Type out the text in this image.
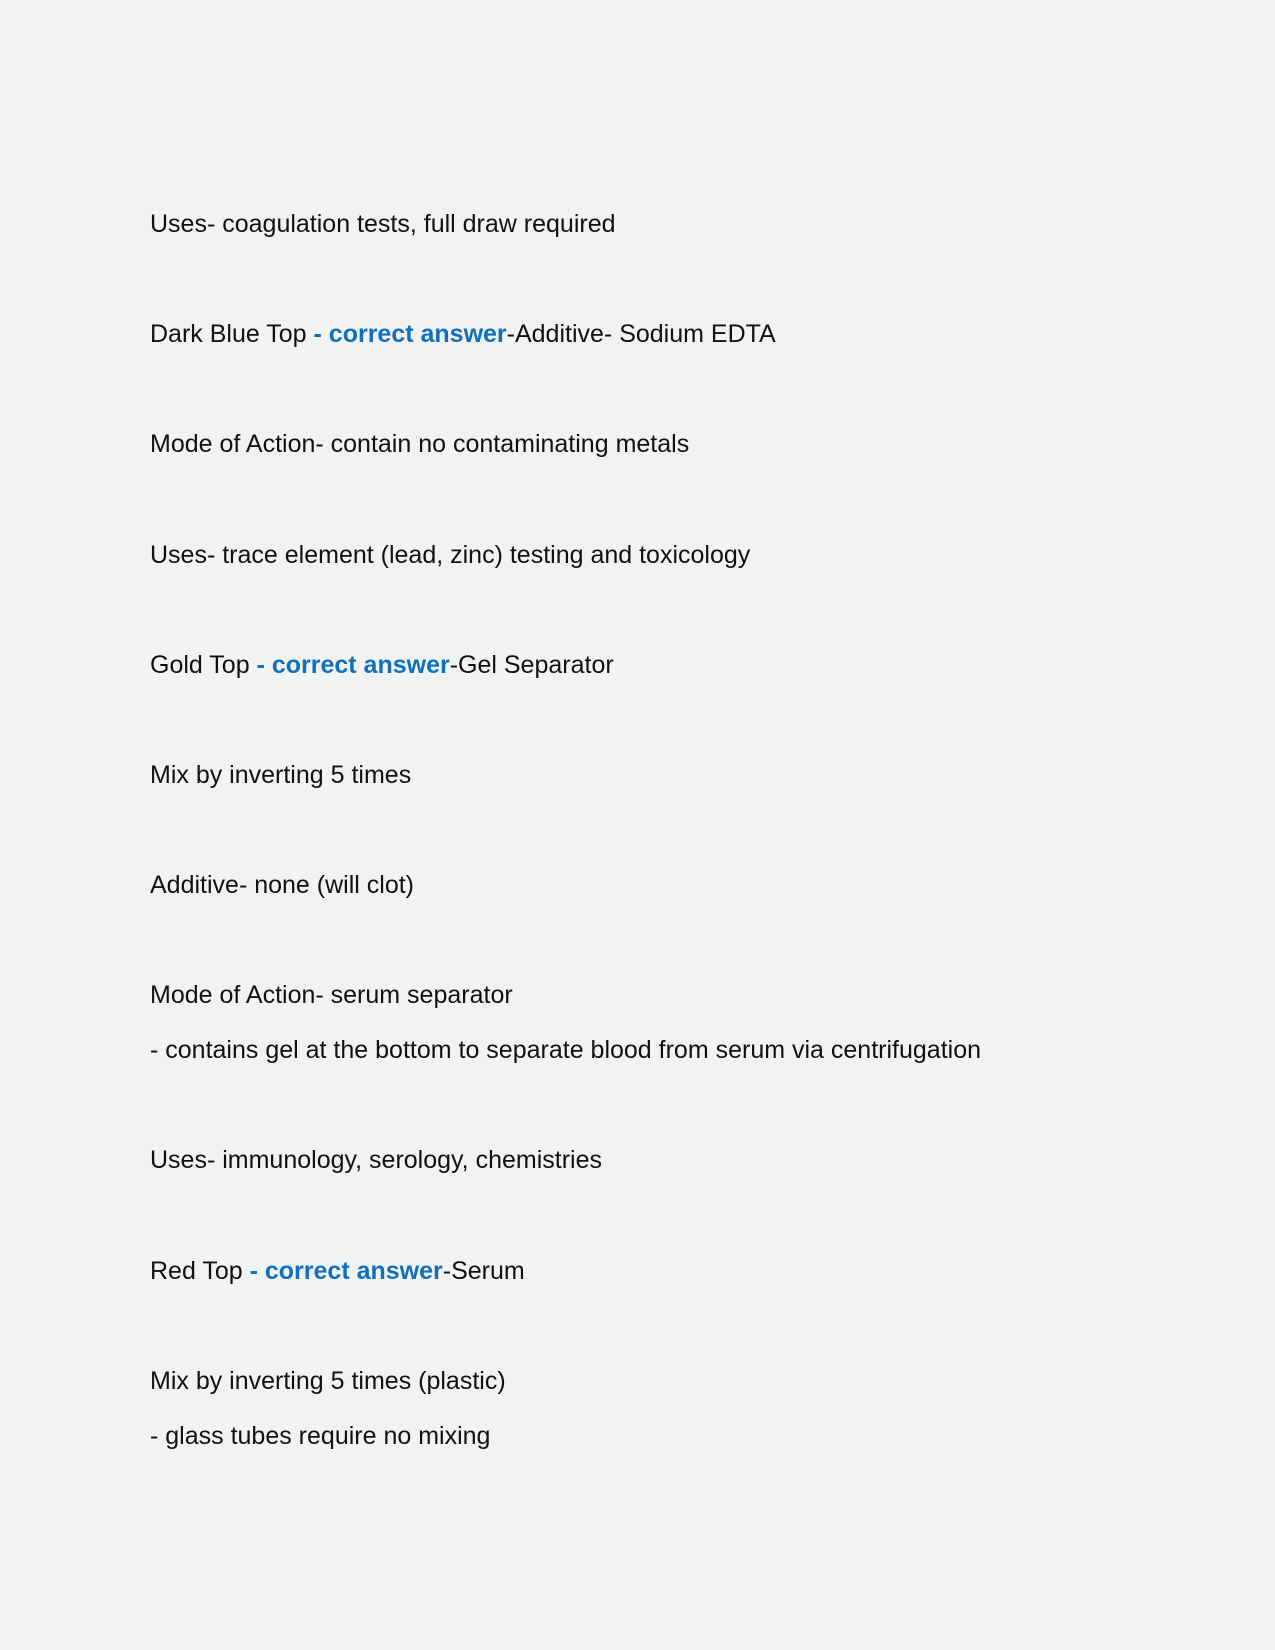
Uses- coagulation tests, full draw required
Dark Blue Top - correct answer-Additive- Sodium EDTA
Mode of Action- contain no contaminating metals
Uses- trace element (lead, zinc) testing and toxicology
Gold Top - correct answer-Gel Separator
Mix by inverting 5 times
Additive- none (will clot)
Mode of Action- serum separator
- contains gel at the bottom to separate blood from serum via centrifugation
Uses- immunology, serology, chemistries
Red Top - correct answer-Serum
Mix by inverting 5 times (plastic)
- glass tubes require no mixing
